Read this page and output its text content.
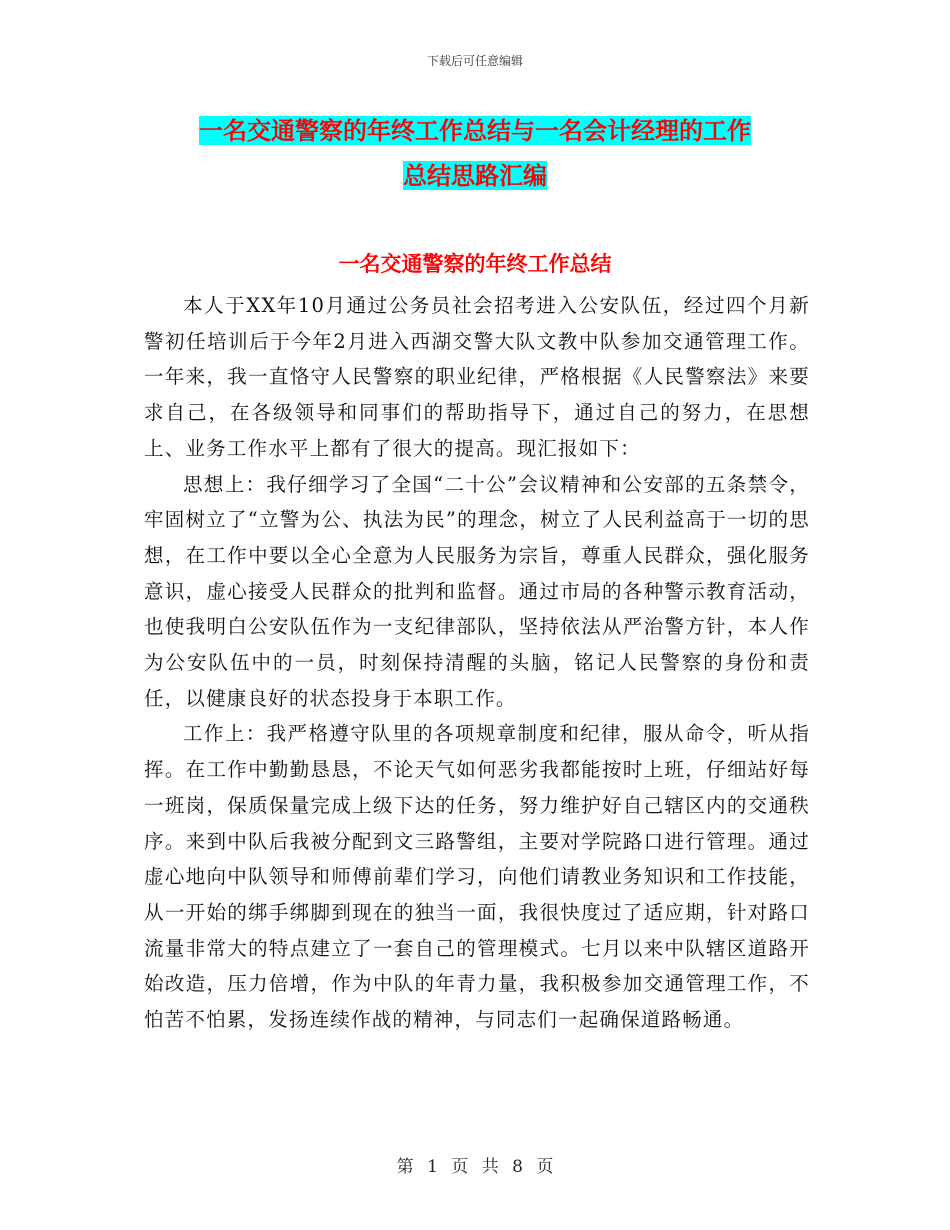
下载后可任意编辑
一名交通警察的年终工作总结与一名会计经理的工作
总结思路汇编
一名交通警察的年终工作总结

本人于XX年10月通过公务员社会招考进入公安队伍，经过四个月新警初任培训后于今年2月进入西湖交警大队文教中队参加交通管理工作。一年来，我一直恪守人民警察的职业纪律，严格根据《人民警察法》来要求自己，在各级领导和同事们的帮助指导下，通过自己的努力，在思想上、业务工作水平上都有了很大的提高。现汇报如下：

思想上：我仔细学习了全国“二十公”会议精神和公安部的五条禁令，牢固树立了“立警为公、执法为民”的理念，树立了人民利益高于一切的思想，在工作中要以全心全意为人民服务为宗旨，尊重人民群众，强化服务意识，虚心接受人民群众的批判和监督。通过市局的各种警示教育活动，也使我明白公安队伍作为一支纪律部队，坚持依法从严治警方针，本人作为公安队伍中的一员，时刻保持清醒的头脑，铭记人民警察的身份和责任，以健康良好的状态投身于本职工作。

工作上：我严格遵守队里的各项规章制度和纪律，服从命令，听从指挥。在工作中勤勤恳恳，不论天气如何恶劣我都能按时上班，仔细站好每一班岗，保质保量完成上级下达的任务，努力维护好自己辖区内的交通秩序。来到中队后我被分配到文三路警组，主要对学院路口进行管理。通过虚心地向中队领导和师傅前辈们学习，向他们请教业务知识和工作技能，从一开始的绑手绑脚到现在的独当一面，我很快度过了适应期，针对路口流量非常大的特点建立了一套自己的管理模式。七月以来中队辖区道路开始改造，压力倍增，作为中队的年青力量，我积极参加交通管理工作，不怕苦不怕累，发扬连续作战的精神，与同志们一起确保道路畅通。

第 1 页 共 8 页
